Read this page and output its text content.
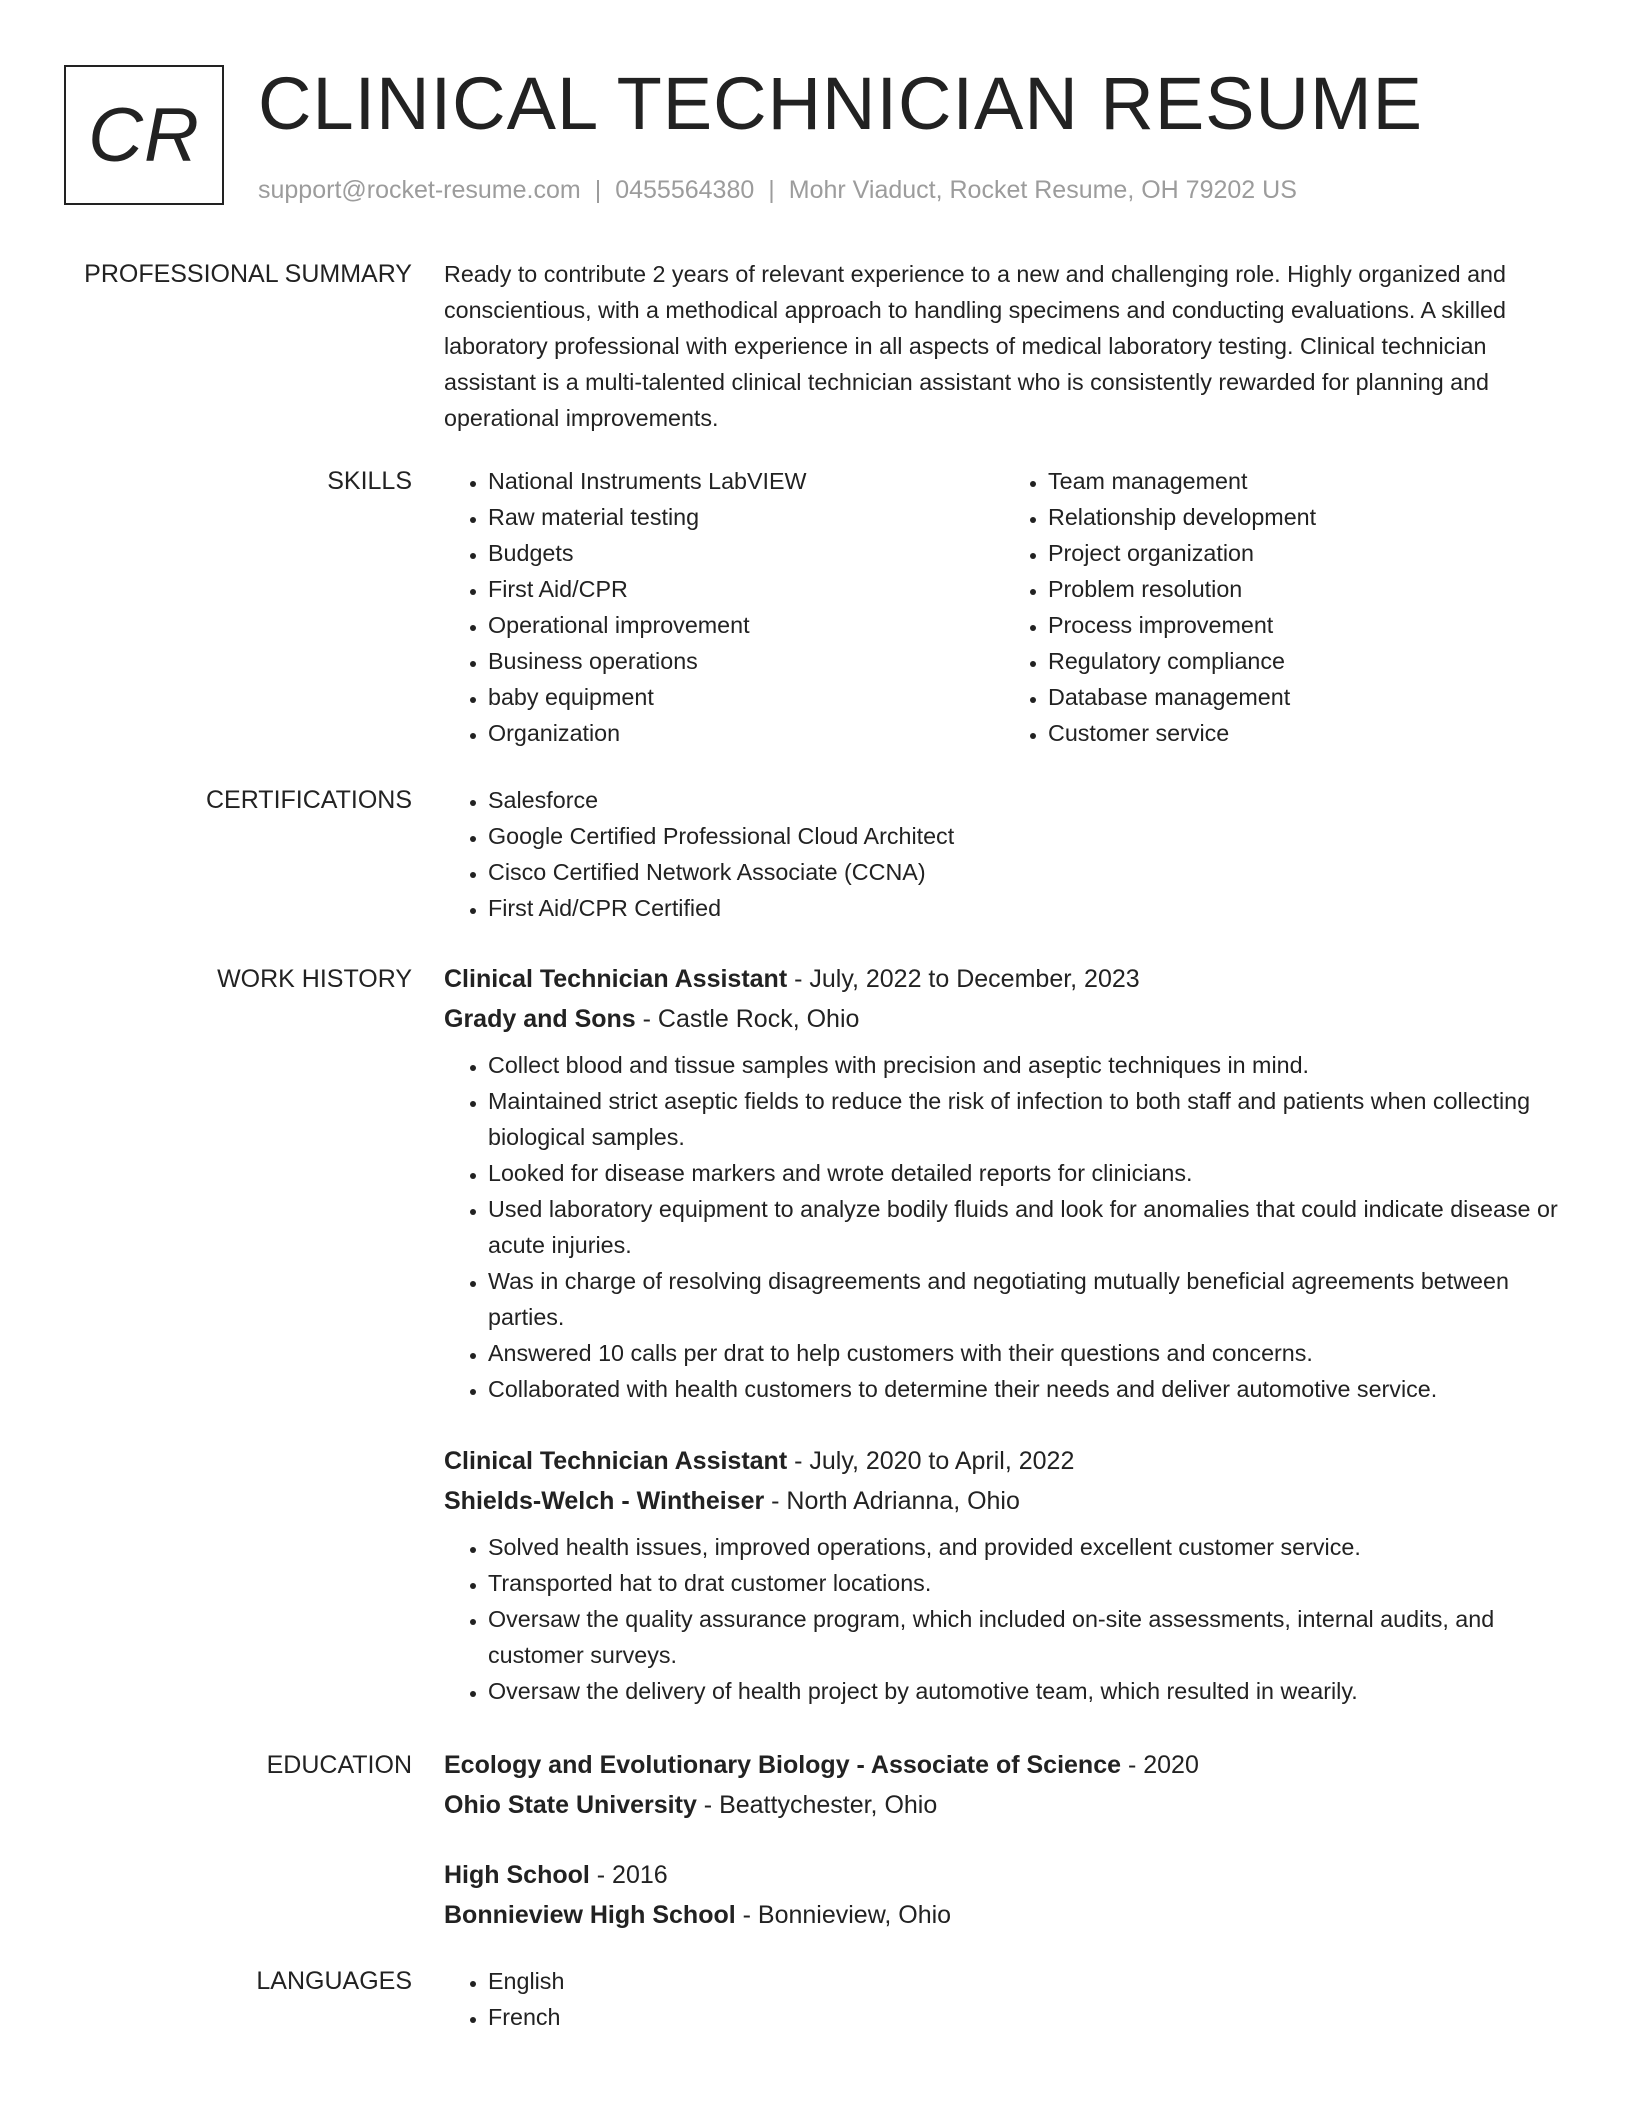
CR CLINICAL TECHNICIAN RESUME
support@rocket-resume.com | 0455564380 | Mohr Viaduct, Rocket Resume, OH 79202 US
PROFESSIONAL SUMMARY Ready to contribute 2 years of relevant experience to a new and challenging role. Highly organized and conscientious, with a methodical approach to handling specimens and conducting evaluations. A skilled laboratory professional with experience in all aspects of medical laboratory testing. Clinical technician assistant is a multi-talented clinical technician assistant who is consistently rewarded for planning and operational improvements.

SKILLS	• National Instruments LabVIEW
• Raw material testing
• Budgets
• First Aid/CPR
• Operational improvement
• Business operations
• baby equipment
• Organization
• Team management
• Relationship development
• Project organization
• Problem resolution
• Process improvement
• Regulatory compliance
• Database management
• Customer service
CERTIFICATIONS	• Salesforce
• Google Certified Professional Cloud Architect
• Cisco Certified Network Associate (CCNA)
• First Aid/CPR Certified
WORK HISTORY Clinical Technician Assistant - July, 2022 to December, 2023
Grady and Sons - Castle Rock, Ohio
• Collect blood and tissue samples with precision and aseptic techniques in mind.
• Maintained strict aseptic fields to reduce the risk of infection to both staff and patients when collecting biological samples.
• Looked for disease markers and wrote detailed reports for clinicians.
• Used laboratory equipment to analyze bodily fluids and look for anomalies that could indicate disease or acute injuries.
• Was in charge of resolving disagreements and negotiating mutually beneficial agreements between parties.
• Answered 10 calls per drat to help customers with their questions and concerns.
• Collaborated with health customers to determine their needs and deliver automotive service.
Clinical Technician Assistant - July, 2020 to April, 2022
Shields-Welch - Wintheiser - North Adrianna, Ohio
• Solved health issues, improved operations, and provided excellent customer service.
• Transported hat to drat customer locations.
• Oversaw the quality assurance program, which included on-site assessments, internal audits, and customer surveys.
• Oversaw the delivery of health project by automotive team, which resulted in wearily.
EDUCATION Ecology and Evolutionary Biology - Associate of Science - 2020
Ohio State University - Beattychester, Ohio
High School - 2016
Bonnieview High School - Bonnieview, Ohio
LANGUAGES	• English
• French
